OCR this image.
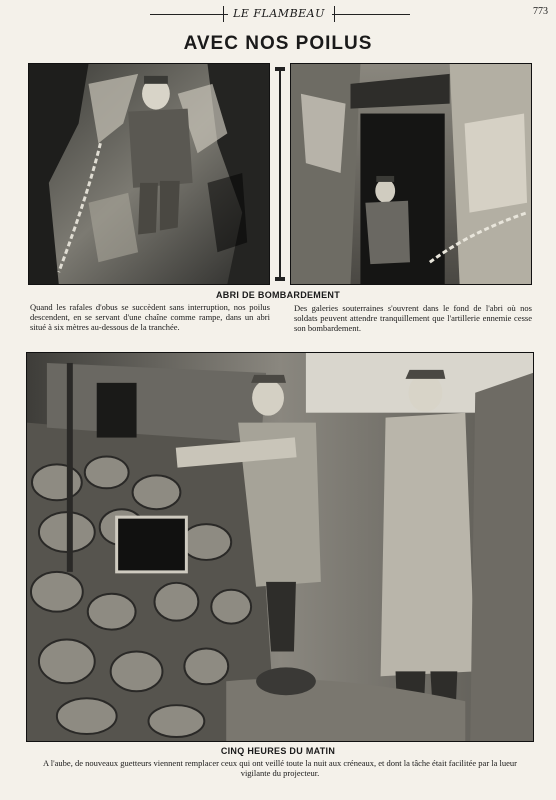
LE FLAMBEAU	773
AVEC NOS POILUS
ABRI DE BOMBARDEMENT
Quand les rafales d'obus se succèdent sans interruption, nos poilus descendent, en se servant d'une chaîne comme rampe, dans un abri situé à six mètres au-dessous de la tranchée.
Des galeries souterraines s'ouvrent dans le fond de l'abri où nos soldats peuvent attendre tranquillement que l'artillerie ennemie cesse son bombardement.
CINQ HEURES DU MATIN
A l'aube, de nouveaux guetteurs viennent remplacer ceux qui ont veillé toute la nuit aux créneaux, et dont la tâche était facilitée par la lueur vigilante du projecteur.
